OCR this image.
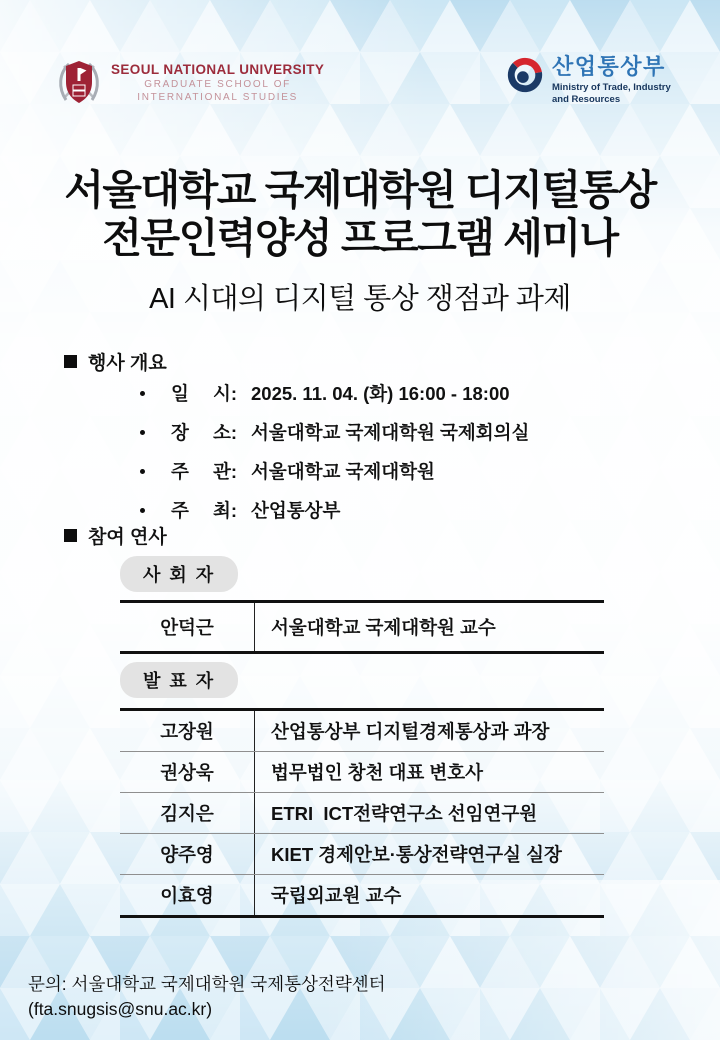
SEOUL NATIONAL UNIVERSITY
GRADUATE SCHOOL OF
INTERNATIONAL STUDIES
산업통상부
Ministry of Trade, Industry
and Resources
서울대학교 국제대학원 디지털통상
전문인력양성 프로그램 세미나
AI 시대의 디지털 통상 쟁점과 과제
행사 개요
일 시: 2025. 11. 04. (화) 16:00 - 18:00
장 소: 서울대학교 국제대학원 국제회의실
주 관: 서울대학교 국제대학원
주 최: 산업통상부
참여 연사
사 회 자
안덕근	서울대학교 국제대학원 교수
발 표 자
고장원	산업통상부 디지털경제통상과 과장
권상욱	법무법인 창천 대표 변호사
김지은	ETRI  ICT전략연구소 선임연구원
양주영	KIET 경제안보·통상전략연구실 실장
이효영	국립외교원 교수
문의: 서울대학교 국제대학원 국제통상전략센터
(fta.snugsis@snu.ac.kr)
